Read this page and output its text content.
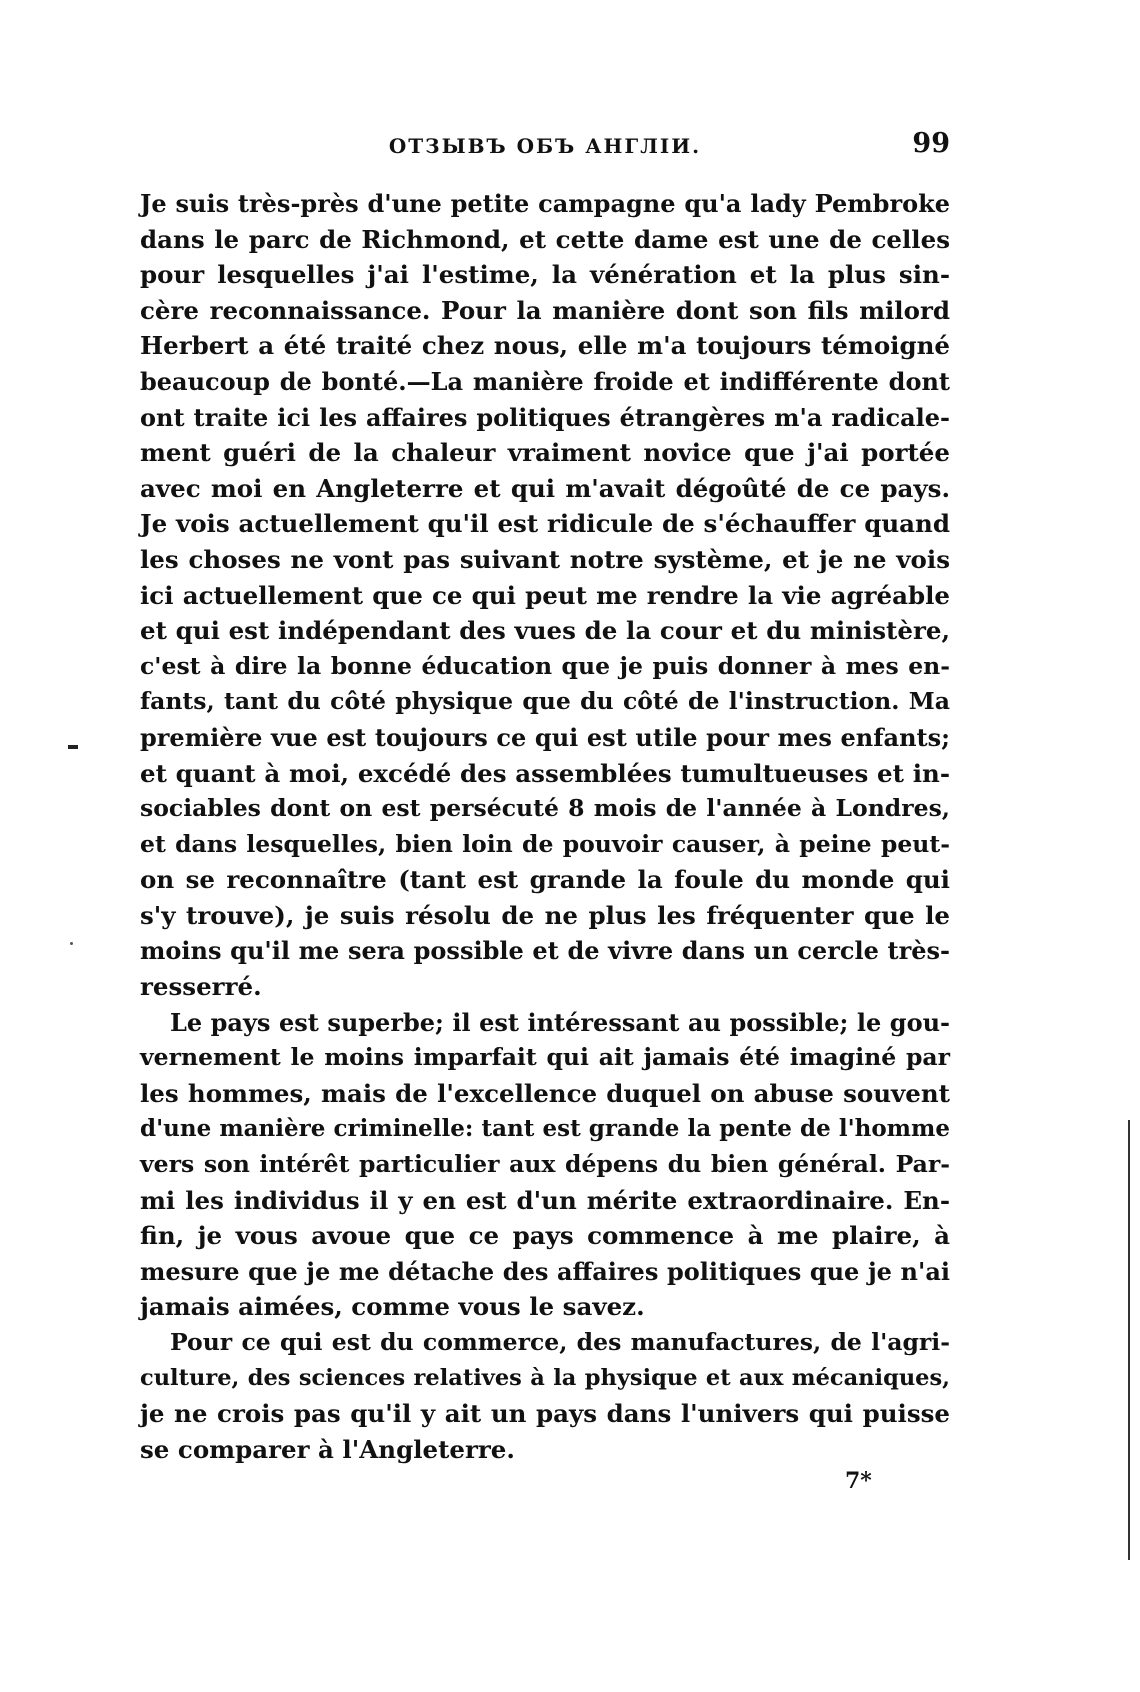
ОТЗЫВЪ ОБЪ АНГЛІИ.	99

Je suis très-près d'une petite campagne qu'a lady Pembroke

dans le parc de Richmond, et cette dame est une de celles

pour lesquelles j'ai l'estime, la vénération et la plus sin-

cère reconnaissance. Pour la manière dont son fils milord

Herbert a été traité chez nous, elle m'a toujours témoigné

beaucoup de bonté.—La manière froide et indifférente dont

ont traite ici les affaires politiques étrangères m'a radicale-

ment guéri de la chaleur vraiment novice que j'ai portée

avec moi en Angleterre et qui m'avait dégoûté de ce pays.

Je vois actuellement qu'il est ridicule de s'échauffer quand

les choses ne vont pas suivant notre système, et je ne vois

ici actuellement que ce qui peut me rendre la vie agréable

et qui est indépendant des vues de la cour et du ministère,

c'est à dire la bonne éducation que je puis donner à mes en-

fants, tant du côté physique que du côté de l'instruction. Ma

première vue est toujours ce qui est utile pour mes enfants;

et quant à moi, excédé des assemblées tumultueuses et in-

sociables dont on est persécuté 8 mois de l'année à Londres,

et dans lesquelles, bien loin de pouvoir causer, à peine peut-

on se reconnaître (tant est grande la foule du monde qui

s'y trouve), je suis résolu de ne plus les fréquenter que le

moins qu'il me sera possible et de vivre dans un cercle très-

resserré.

Le pays est superbe; il est intéressant au possible; le gou-

vernement le moins imparfait qui ait jamais été imaginé par

les hommes, mais de l'excellence duquel on abuse souvent

d'une manière criminelle: tant est grande la pente de l'homme

vers son intérêt particulier aux dépens du bien général. Par-

mi les individus il y en est d'un mérite extraordinaire. En-

fin, je vous avoue que ce pays commence à me plaire, à

mesure que je me détache des affaires politiques que je n'ai

jamais aimées, comme vous le savez.

Pour ce qui est du commerce, des manufactures, de l'agri-

culture, des sciences relatives à la physique et aux mécaniques,

je ne crois pas qu'il y ait un pays dans l'univers qui puisse

se comparer à l'Angleterre.

7*
